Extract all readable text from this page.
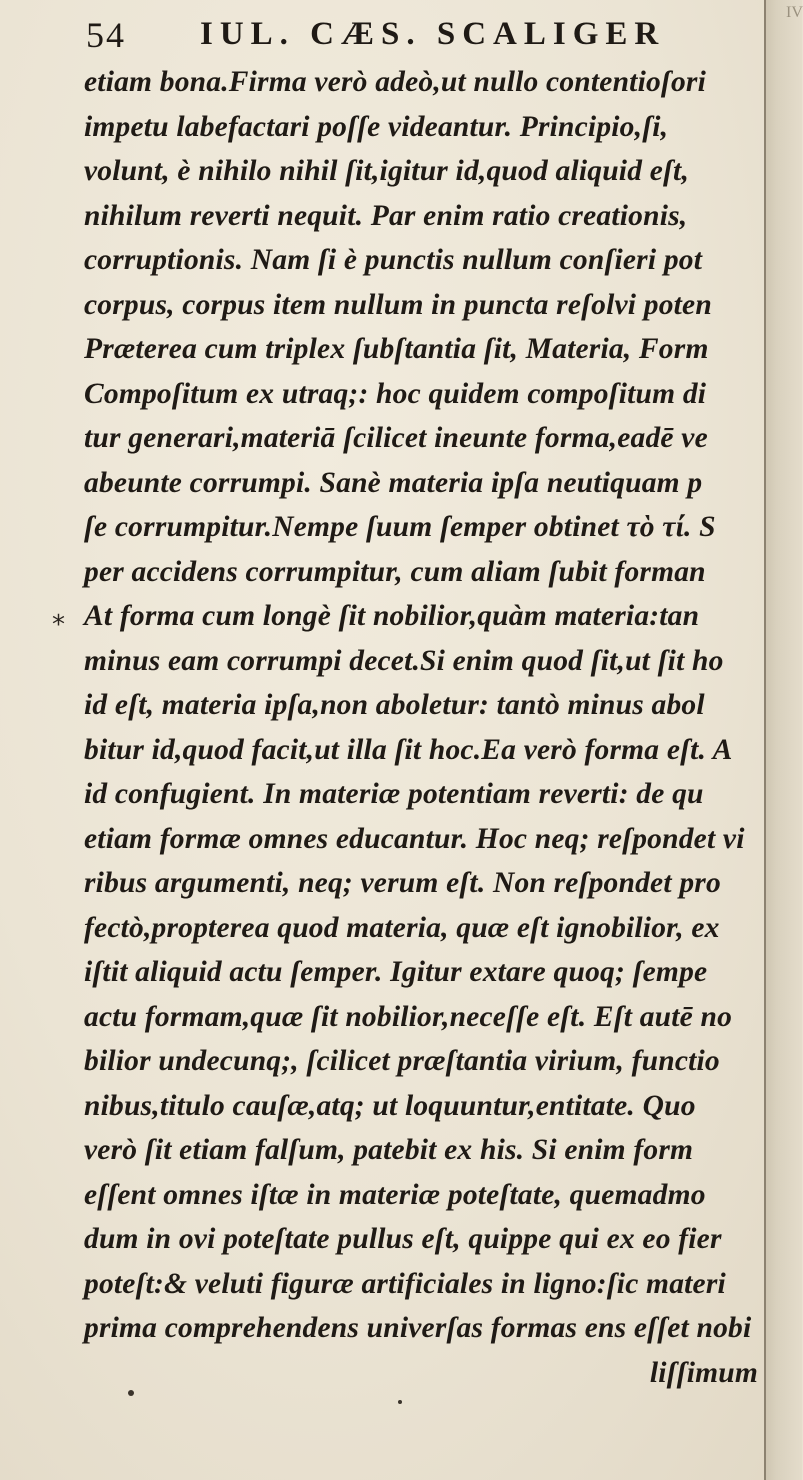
IV
54 IUL. CÆS. SCALIGER
*
etiam bona.Firma verò adeò,ut nullo contentioſori
impetu labefactari poſſe videantur. Principio,ſi,
volunt, è nihilo nihil ſit,igitur id,quod aliquid eſt,
nihilum reverti nequit. Par enim ratio creationis,
corruptionis. Nam ſi è punctis nullum conſieri pot
corpus, corpus item nullum in puncta reſolvi poten
Præterea cum triplex ſubſtantia ſit, Materia, Form
Compoſitum ex utraq;: hoc quidem compoſitum di
tur generari,materiā ſcilicet ineunte forma,eadē ve
abeunte corrumpi. Sanè materia ipſa neutiquam p
ſe corrumpitur.Nempe ſuum ſemper obtinet τὸ τί. S
per accidens corrumpitur, cum aliam ſubit forman
At forma cum longè ſit nobilior,quàm materia:tan
minus eam corrumpi decet.Si enim quod ſit,ut ſit ho
id eſt, materia ipſa,non aboletur: tantò minus abol
bitur id,quod facit,ut illa ſit hoc.Ea verò forma eſt. A
id confugient. In materiæ potentiam reverti: de qu
etiam formæ omnes educantur. Hoc neq; reſpondet vi
ribus argumenti, neq; verum eſt. Non reſpondet pro
fectò,propterea quod materia, quæ eſt ignobilior, ex
iſtit aliquid actu ſemper. Igitur extare quoq; ſempe
actu formam,quæ ſit nobilior,neceſſe eſt. Eſt autē no
bilior undecunq;, ſcilicet præſtantia virium, functio
nibus,titulo cauſæ,atq; ut loquuntur,entitate. Quo
verò ſit etiam falſum, patebit ex his. Si enim form
eſſent omnes iſtæ in materiæ poteſtate, quemadmo
dum in ovi poteſtate pullus eſt, quippe qui ex eo fier
poteſt:& veluti figuræ artificiales in ligno:ſic materi
prima comprehendens univerſas formas ens eſſet nobi
liſſimum
